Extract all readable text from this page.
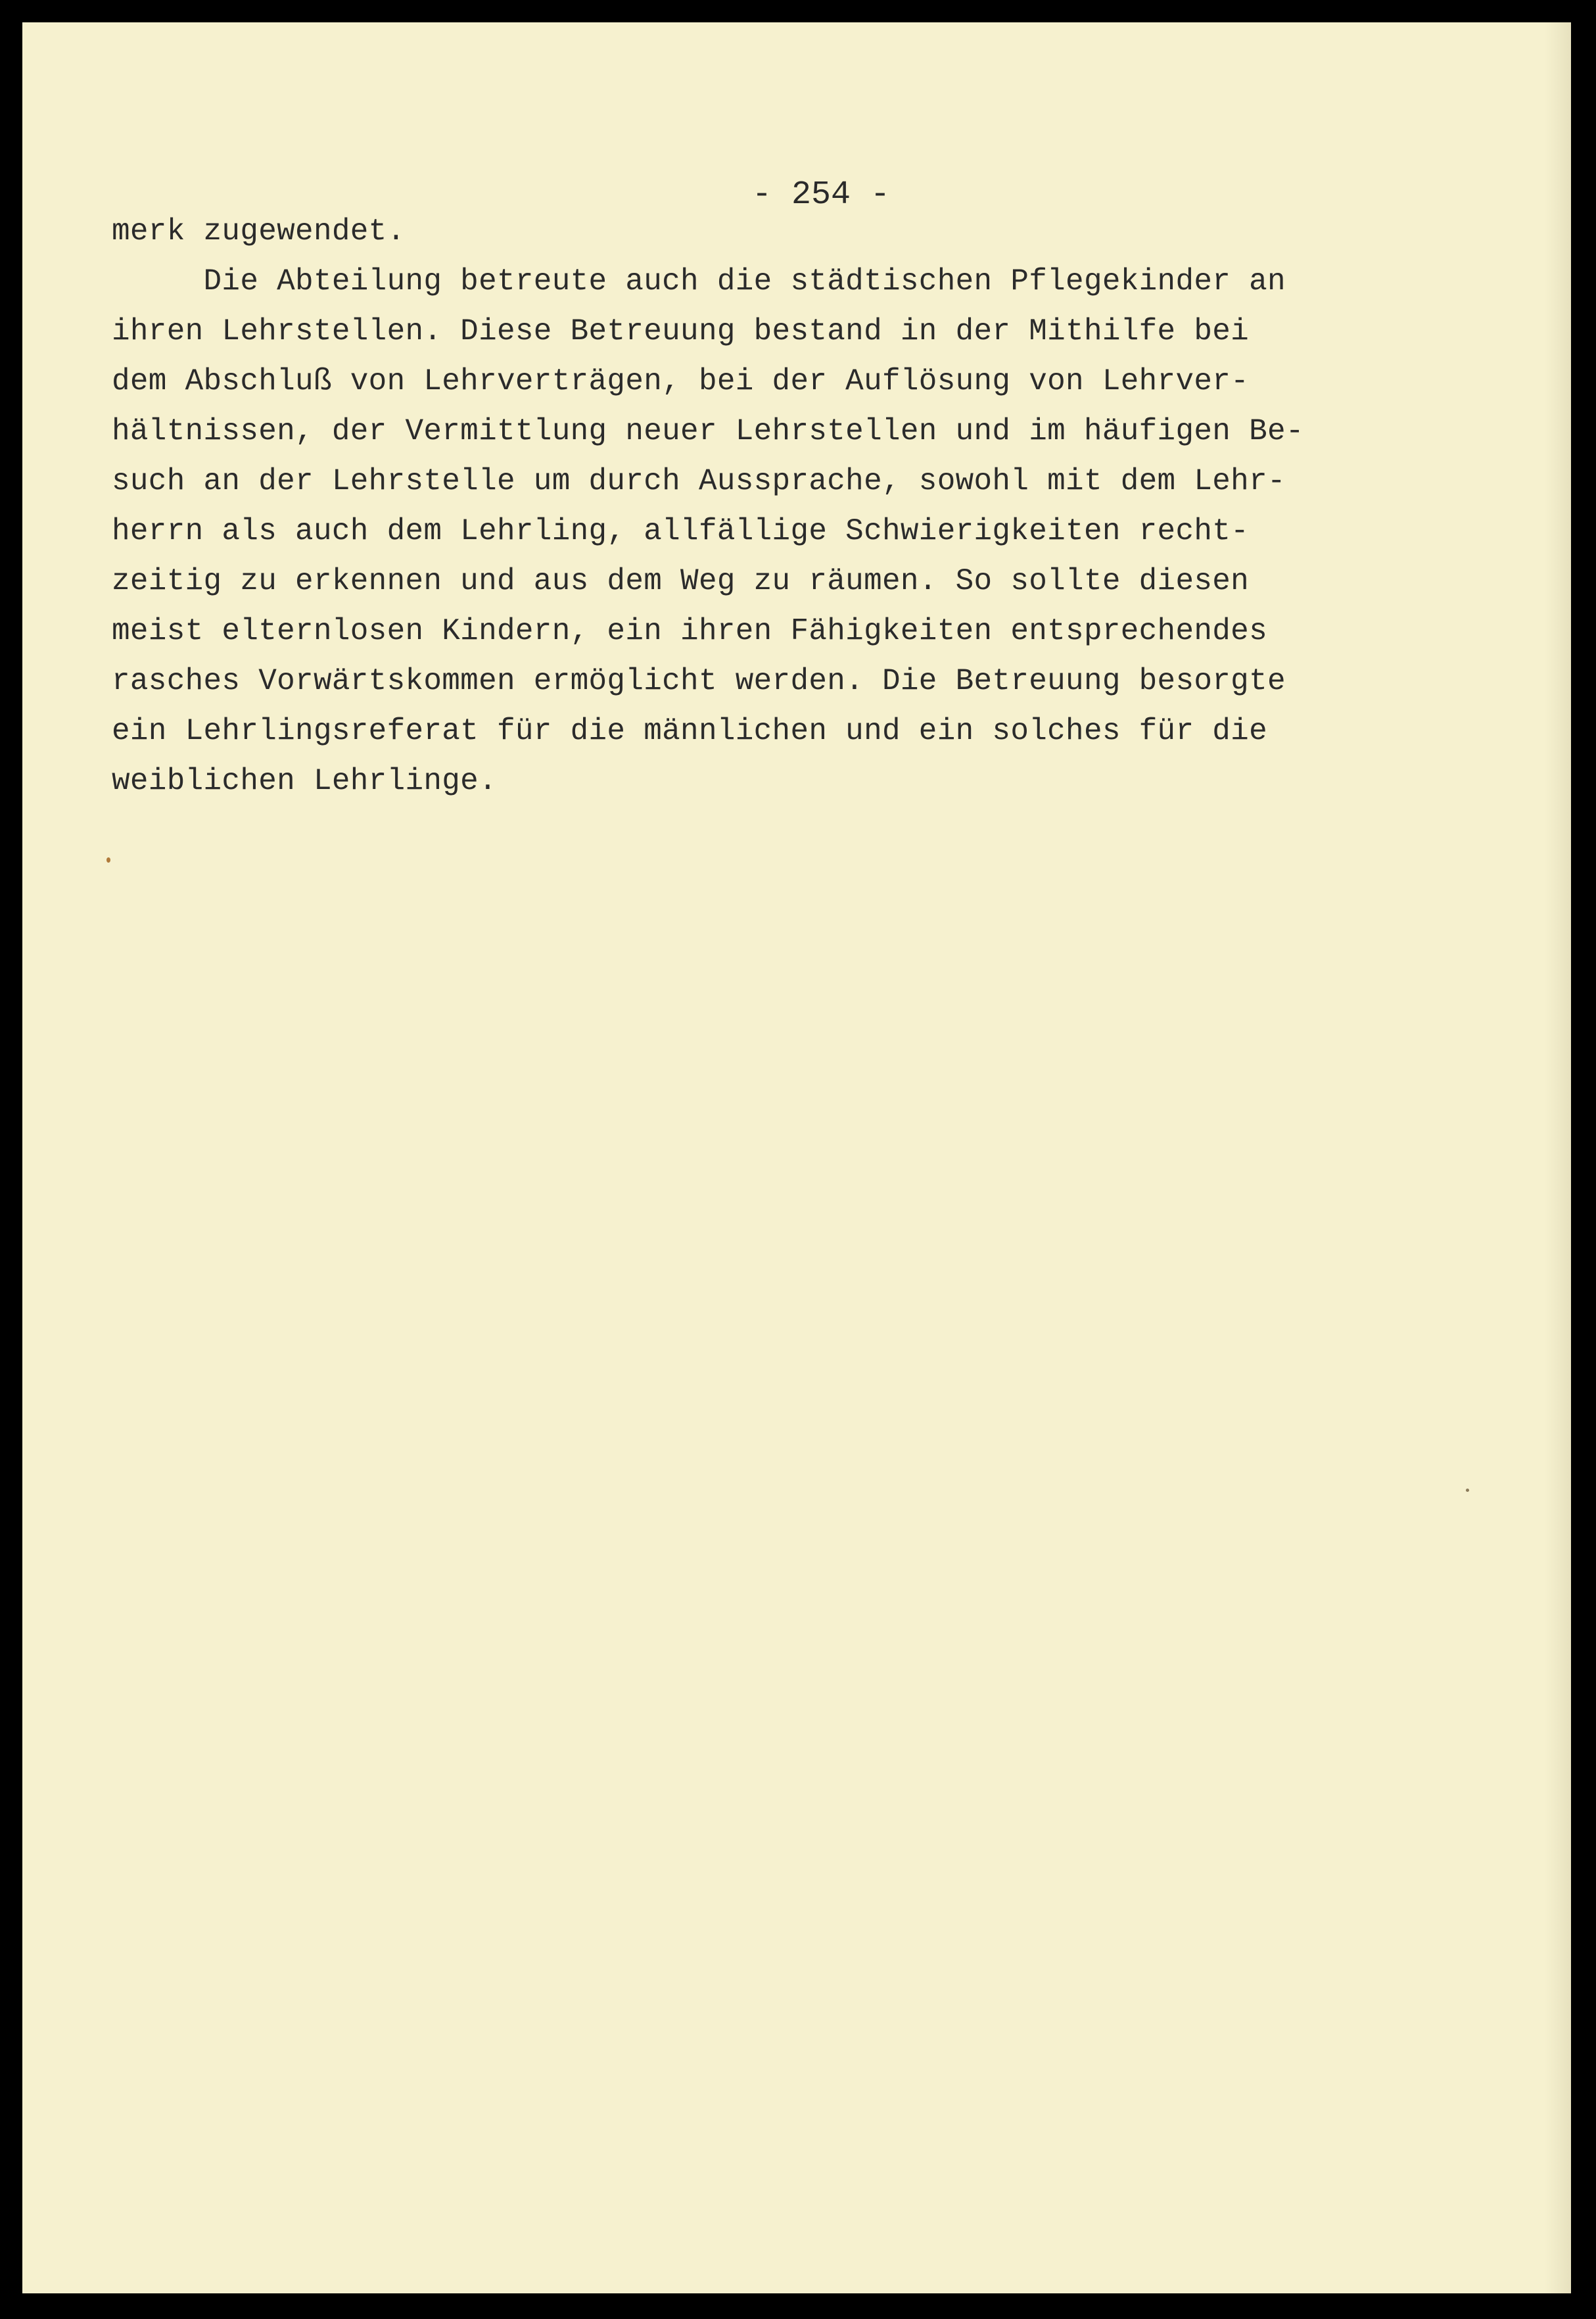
- 254 -

merk zugewendet.

Die Abteilung betreute auch die städtischen Pflegekinder an

ihren Lehrstellen. Diese Betreuung bestand in der Mithilfe bei

dem Abschluß von Lehrverträgen, bei der Auflösung von Lehrver-

hältnissen, der Vermittlung neuer Lehrstellen und im häufigen Be-

such an der Lehrstelle um durch Aussprache, sowohl mit dem Lehr-

herrn als auch dem Lehrling, allfällige Schwierigkeiten recht-

zeitig zu erkennen und aus dem Weg zu räumen. So sollte diesen

meist elternlosen Kindern, ein ihren Fähigkeiten entsprechendes

rasches Vorwärtskommen ermöglicht werden. Die Betreuung besorgte

ein Lehrlingsreferat für die männlichen und ein solches für die

weiblichen Lehrlinge.
